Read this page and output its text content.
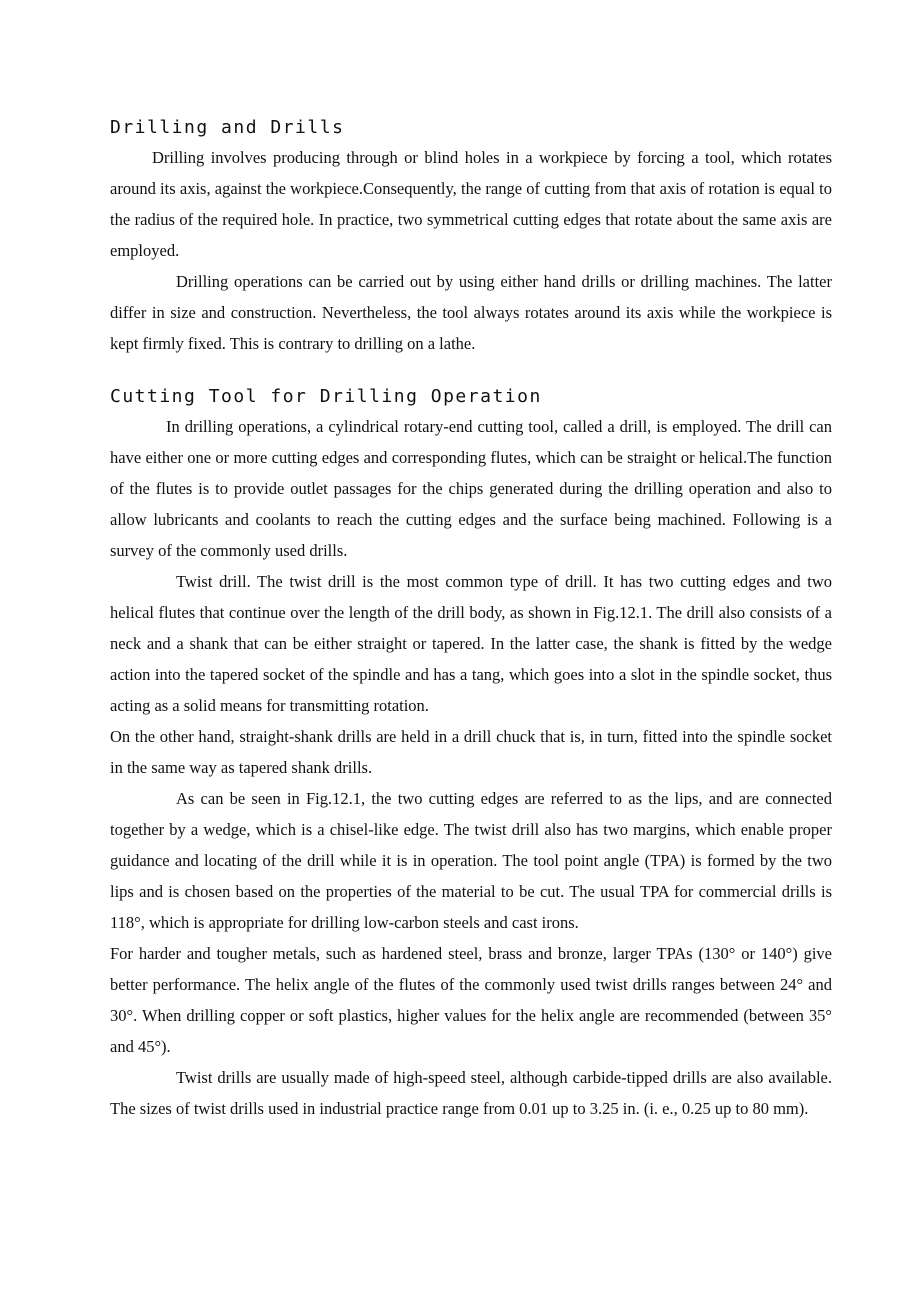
Drilling and Drills

Drilling involves producing through or blind holes in a workpiece by forcing a tool, which rotates around its axis, against the workpiece.Consequently, the range of cutting from that axis of rotation is equal to the radius of the required hole. In practice, two symmetrical cutting edges that rotate about the same axis are employed.

Drilling operations can be carried out by using either hand drills or drilling machines. The latter differ in size and construction. Nevertheless, the tool always rotates around its axis while the workpiece is kept firmly fixed. This is contrary to drilling on a lathe.

Cutting Tool for Drilling Operation

In drilling operations, a cylindrical rotary-end cutting tool, called a drill, is employed. The drill can have either one or more cutting edges and corresponding flutes, which can be straight or helical.The function of the flutes is to provide outlet passages for the chips generated during the drilling operation and also to allow lubricants and coolants to reach the cutting edges and the surface being machined. Following is a survey of the commonly used drills.

Twist drill. The twist drill is the most common type of drill. It has two cutting edges and two helical flutes that continue over the length of the drill body, as shown in Fig.12.1. The drill also consists of a neck and a shank that can be either straight or tapered. In the latter case, the shank is fitted by the wedge action into the tapered socket of the spindle and has a tang, which goes into a slot in the spindle socket, thus acting as a solid means for transmitting rotation.

On the other hand, straight-shank drills are held in a drill chuck that is, in turn, fitted into the spindle socket in the same way as tapered shank drills.

As can be seen in Fig.12.1, the two cutting edges are referred to as the lips, and are connected together by a wedge, which is a chisel-like edge. The twist drill also has two margins, which enable proper guidance and locating of the drill while it is in operation. The tool point angle (TPA) is formed by the two lips and is chosen based on the properties of the material to be cut. The usual TPA for commercial drills is 118°, which is appropriate for drilling low-carbon steels and cast irons.

For harder and tougher metals, such as hardened steel, brass and bronze, larger TPAs (130° or 140°) give better performance. The helix angle of the flutes of the commonly used twist drills ranges between 24° and 30°. When drilling copper or soft plastics, higher values for the helix angle are recommended (between 35° and 45°).

Twist drills are usually made of high-speed steel, although carbide-tipped drills are also available. The sizes of twist drills used in industrial practice range from 0.01 up to 3.25 in. (i. e., 0.25 up to 80 mm).
